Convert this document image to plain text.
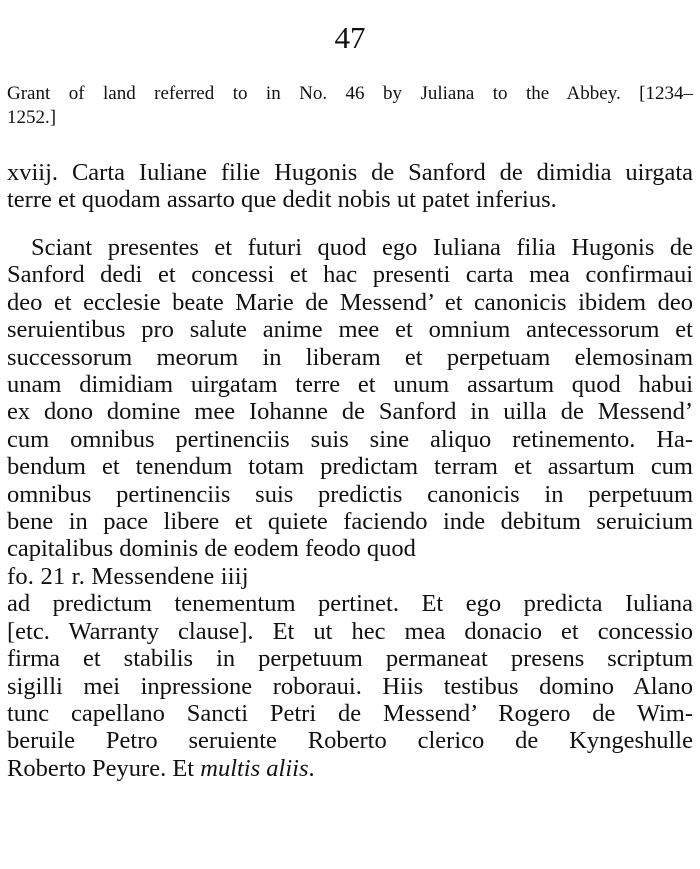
47
Grant of land referred to in No. 46 by Juliana to the Abbey. [1234–
1252.]
xviij. Carta Iuliane filie Hugonis de Sanford de dimidia uirgata
terre et quodam assarto que dedit nobis ut patet inferius.
Sciant presentes et futuri quod ego Iuliana filia Hugonis de
Sanford dedi et concessi et hac presenti carta mea confirmaui
deo et ecclesie beate Marie de Messend’ et canonicis ibidem deo
seruientibus pro salute anime mee et omnium antecessorum et
successorum meorum in liberam et perpetuam elemosinam
unam dimidiam uirgatam terre et unum assartum quod habui
ex dono domine mee Iohanne de Sanford in uilla de Messend’
cum omnibus pertinenciis suis sine aliquo retinemento. Ha-
bendum et tenendum totam predictam terram et assartum cum
omnibus pertinenciis suis predictis canonicis in perpetuum
bene in pace libere et quiete faciendo inde debitum seruicium
capitalibus dominis de eodem feodo quod
fo. 21 r. Messendene iiij
ad predictum tenementum pertinet. Et ego predicta Iuliana
[etc. Warranty clause]. Et ut hec mea donacio et concessio
firma et stabilis in perpetuum permaneat presens scriptum
sigilli mei inpressione roboraui. Hiis testibus domino Alano
tunc capellano Sancti Petri de Messend’ Rogero de Wim-
beruile Petro seruiente Roberto clerico de Kyngeshulle
Roberto Peyure. Et multis aliis.
